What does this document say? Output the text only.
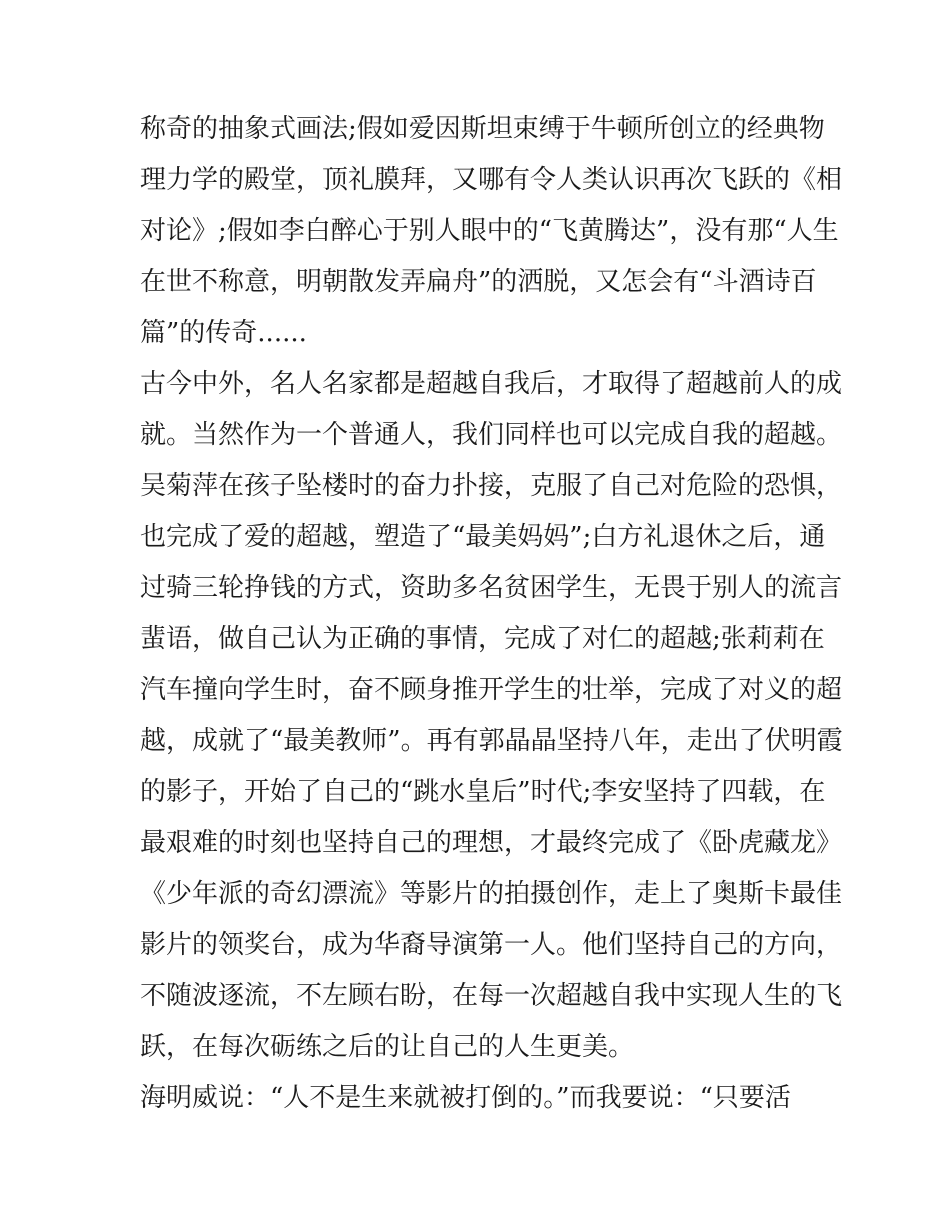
称奇的抽象式画法;假如爱因斯坦束缚于牛顿所创立的经典物
理力学的殿堂，顶礼膜拜，又哪有令人类认识再次飞跃的《相
对论》;假如李白醉心于别人眼中的“飞黄腾达”，没有那“人生
在世不称意，明朝散发弄扁舟”的洒脱，又怎会有“斗酒诗百
篇”的传奇......
古今中外，名人名家都是超越自我后，才取得了超越前人的成
就。当然作为一个普通人，我们同样也可以完成自我的超越。
吴菊萍在孩子坠楼时的奋力扑接，克服了自己对危险的恐惧，
也完成了爱的超越，塑造了“最美妈妈”;白方礼退休之后，通
过骑三轮挣钱的方式，资助多名贫困学生，无畏于别人的流言
蜚语，做自己认为正确的事情，完成了对仁的超越;张莉莉在
汽车撞向学生时，奋不顾身推开学生的壮举，完成了对义的超
越，成就了“最美教师”。再有郭晶晶坚持八年，走出了伏明霞
的影子，开始了自己的“跳水皇后”时代;李安坚持了四载，在
最艰难的时刻也坚持自己的理想，才最终完成了《卧虎藏龙》
《少年派的奇幻漂流》等影片的拍摄创作，走上了奥斯卡最佳
影片的领奖台，成为华裔导演第一人。他们坚持自己的方向，
不随波逐流，不左顾右盼，在每一次超越自我中实现人生的飞
跃，在每次砺练之后的让自己的人生更美。
海明威说：“人不是生来就被打倒的。”而我要说：“只要活
